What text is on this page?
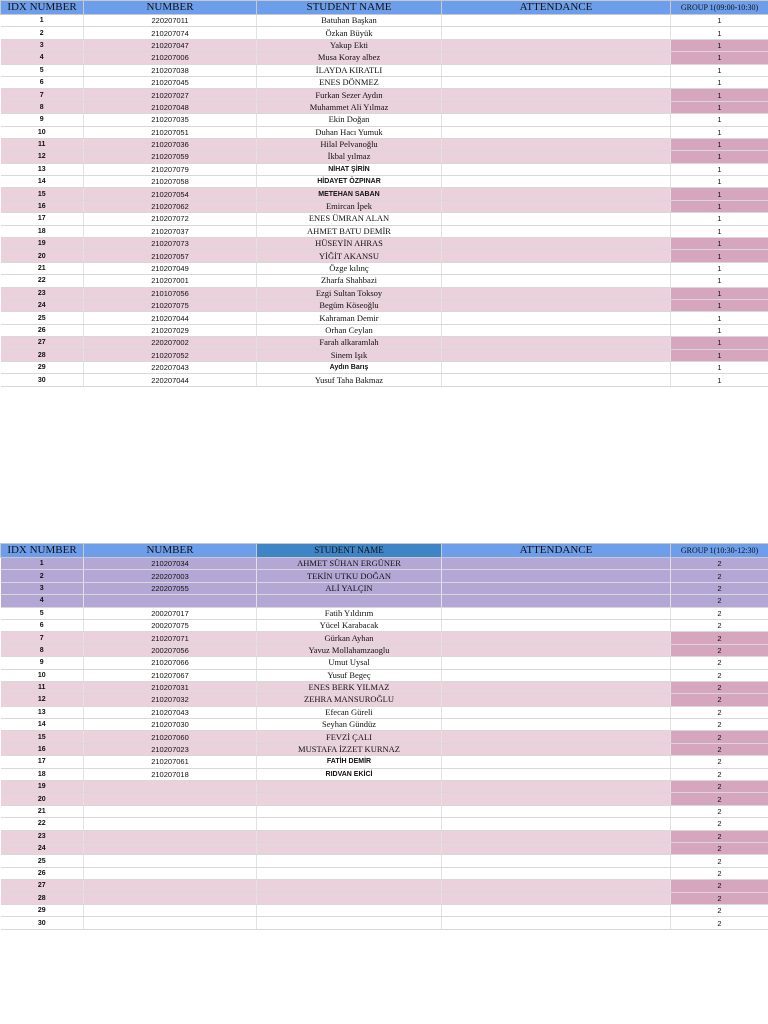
IDX NUMBER	NUMBER	STUDENT NAME	ATTENDANCE	GROUP 1(09:00-10:30)
1	220207011	Batuhan Başkan		1
2	210207074	Özkan Büyük		1
3	210207047	Yakup Ekti		1
4	210207006	Musa Koray albez		1
5	210207038	İLAYDA KIRATLI		1
6	210207045	ENES DÖNMEZ		1
7	210207027	Furkan Sezer Aydın		1
8	210207048	Muhammet Ali Yılmaz		1
9	210207035	Ekin Doğan		1
10	210207051	Duhan Hacı Yumuk		1
11	210207036	Hilal Pelvanoğlu		1
12	210207059	İkbal yılmaz		1
13	210207079	NİHAT ŞİRİN		1
14	210207058	HİDAYET ÖZPINAR		1
15	210207054	METEHAN SABAN		1
16	210207062	Emircan İpek		1
17	210207072	ENES ÜMRAN ALAN		1
18	210207037	AHMET BATU DEMİR		1
19	210207073	HÜSEYİN AHRAS		1
20	210207057	YİĞİT AKANSU		1
21	210207049	Özge kılınç		1
22	210207001	Zharfa Shahbazi		1
23	210107056	Ezgi Sultan Toksoy		1
24	210207075	Begüm Köseoğlu		1
25	210207044	Kahraman Demir		1
26	210207029	Orhan Ceylan		1
27	220207002	Farah alkaramlah		1
28	210207052	Sinem Işık		1
29	220207043	Aydın Barış		1
30	220207044	Yusuf Taha Bakmaz		1
IDX NUMBER	NUMBER	STUDENT NAME	ATTENDANCE	GROUP 1(10:30-12:30)
1	210207034	AHMET SÜHAN ERGÜNER		2
2	220207003	TEKİN UTKU DOĞAN		2
3	220207055	ALİ YALÇIN		2
4				2
5	200207017	Fatih Yıldırım		2
6	200207075	Yücel Karabacak		2
7	210207071	Gürkan Ayhan		2
8	200207056	Yavuz Mollahamzaoglu		2
9	210207066	Umut Uysal		2
10	210207067	Yusuf Begeç		2
11	210207031	ENES BERK YILMAZ		2
12	210207032	ZEHRA MANSUROĞLU		2
13	210207043	Efecan Güreli		2
14	210207030	Seyhan Gündüz		2
15	210207060	FEVZİ ÇALI		2
16	210207023	MUSTAFA İZZET KURNAZ		2
17	210207061	FATİH DEMİR		2
18	210207018	RIDVAN EKİCİ		2
19				2
20				2
21				2
22				2
23				2
24				2
25				2
26				2
27				2
28				2
29				2
30				2
